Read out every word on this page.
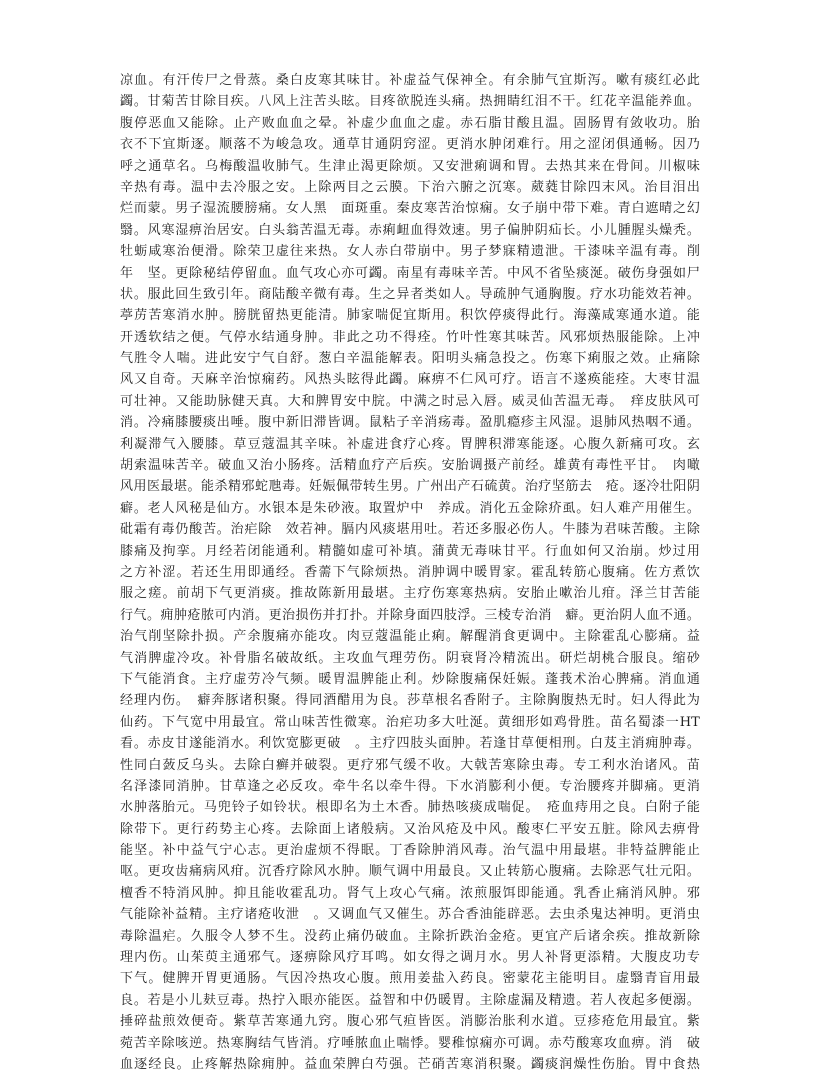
凉血。有汗传尸之骨蒸。桑白皮寒其味甘。补虚益气保神全。有余肺气宜斯泻。嗽有痰红必此
蠲。甘菊苦甘除目疾。八风上注苦头眩。目疼欲脱连头痛。热拥睛红泪不干。红花辛温能养血。
腹停恶血又能除。止产败血血之晕。补虚少血血之虚。赤石脂甘酸且温。固肠胃有敛收功。胎
衣不下宜斯逐。顺落不为峻急攻。通草甘通阴窍涩。更消水肿闭难行。用之涩闭俱通畅。因乃
呼之通草名。乌梅酸温收肺气。生津止渴更除烦。又安泄痢调和胃。去热其来在骨间。川椒味
辛热有毒。温中去冷服之安。上除两目之云膜。下治六腑之沉寒。葳蕤甘除四末风。治目泪出
烂而蒙。男子湿流腰膀痛。女人黑　面斑重。秦皮寒苦治惊痫。女子崩中带下难。青白遮晴之幻
翳。风寒湿痹治居安。白头翁苦温无毒。赤痢衄血得效速。男子偏肿阴疝长。小儿腫腥头燥秃。
牡蛎咸寒治便滑。除荣卫虚往来热。女人赤白带崩中。男子梦寐精遗泄。干漆味辛温有毒。削
年　坚。更除秘结停留血。血气攻心亦可蠲。南星有毒味辛苦。中风不省坠痰涎。破伤身强如尸
状。服此回生致引年。商陆酸辛微有毒。生之异者类如人。导疏肿气通胸腹。疗水功能效若神。
葶苈苦寒消水肿。膀胱留热更能清。肺家喘促宜斯用。积饮停痰得此行。海藻咸寒通水道。能
开透软结之便。气停水结通身肿。非此之功不得痊。竹叶性寒其味苦。风邪烦热服能除。上冲
气胜令人喘。进此安宁气自舒。葱白辛温能解表。阳明头痛急投之。伤寒下痢服之效。止痛除
风又自奇。天麻辛治惊痫药。风热头眩得此蠲。麻痹不仁风可疗。语言不遂痪能痊。大枣甘温
可壮神。又能助脉健天真。大和脾胃安中脘。中满之时忌入唇。威灵仙苦温无毒。　痒皮肤风可
消。冷痛膝腰痰出唾。腹中新旧滞皆调。鼠粘子辛消疡毒。盈肌瘾疹主风湿。退肺风热咽不通。
利凝滞气入腰膝。草豆蔻温其辛味。补虚进食疗心疼。胃脾积滞寒能逐。心腹久新痛可攻。玄
胡索温味苦辛。破血又治小肠疼。活精血疗产后疾。安胎调摄产前经。雄黄有毒性平甘。　肉噉
风用医最堪。能杀精邪蛇虺毒。妊娠佩带转生男。广州出产石硫黄。治疗坚筋去　疮。逐冷壮阳阴
癖。老人风秘是仙方。水银本是朱砂液。取置炉中　养成。消化五金除疥虱。妇人难产用催生。
砒霜有毒仍酸苦。治疟除　效若神。膈内风痰堪用吐。若还多服必伤人。牛膝为君味苦酸。主除
膝痛及拘挛。月经若闭能通利。精髓如虚可补填。蒲黄无毒味甘平。行血如何又治崩。炒过用
之方补涩。若还生用即通经。香薷下气除烦热。消肿调中暖胃家。霍乱转筋心腹痛。佐方煮饮
服之瘥。前胡下气更消痰。推故陈新用最堪。主疗伤寒寒热病。安胎止嗽治儿疳。泽兰甘苦能
行气。痈肿疮脓可内消。更治损伤并打扑。并除身面四肢浮。三棱专治消　癖。更治阴人血不通。
治气削坚除扑损。产余腹痛亦能攻。肉豆蔻温能止痢。解醒消食更调中。主除霍乱心膨痛。益
气消脾虚冷攻。补骨脂名破故纸。主攻血气理劳伤。阴衰肾冷精流出。研烂胡桃合服良。缩砂
下气能消食。主疗虚劳冷气频。暖胃温脾能止利。炒除腹痛保妊娠。蓬莪术治心脾痛。消血通
经理内伤。　癖奔豚诸积聚。得同酒醋用为良。莎草根名香附子。主除胸腹热无时。妇人得此为
仙药。下气宽中用最宜。常山味苦性微寒。治疟功多大吐涎。黄细形如鸡骨胜。苗名蜀漆一HT
看。赤皮甘遂能消水。利饮宽膨更破　。主疗四肢头面肿。若逢甘草便相刑。白芨主消痈肿毒。
性同白蔹反乌头。去除白癣并破裂。更疗邪气缓不收。大戟苦寒除虫毒。专工利水治诸风。苗
名泽漆同消肿。甘草逢之必反攻。牵牛名以牵牛得。下水消膨利小便。专治腰疼并脚痛。更消
水肿落胎元。马兜铃子如铃状。根即名为土木香。肺热咳痰成喘促。　疮血痔用之良。白附子能
除带下。更行药势主心疼。去除面上诸般病。又治风疮及中风。酸枣仁平安五脏。除风去痹骨
能坚。补中益气宁心志。更治虚烦不得眠。丁香除肿消风毒。治气温中用最堪。非特益脾能止
呕。更攻齿痛病风疳。沉香疗除风水肿。顺气调中用最良。又止转筋心腹痛。去除恶气壮元阳。
檀香不特消风肿。抑且能收霍乱功。肾气上攻心气痛。浓煎服饵即能通。乳香止痛消风肿。邪
气能除补益精。主疗诸疮收泄　。又调血气又催生。苏合香油能辟恶。去虫杀鬼达神明。更消虫
毒除温疟。久服令人梦不生。没药止痛仍破血。主除折跌治金疮。更宜产后诸余疾。推故新除
理内伤。山茱萸主通邪气。逐痹除风疗耳鸣。如女得之调月水。男人补肾更添精。大腹皮功专
下气。健脾开胃更通肠。气因冷热攻心腹。煎用姜盐入药良。密蒙花主能明目。虚翳青盲用最
良。若是小儿麸豆毒。热拧入眼亦能医。益智和中仍暖胃。主除虚漏及精遗。若人夜起多便溺。
捶碎盐煎效便奇。紫草苦寒通九窍。腹心邪气疸皆医。消膨治胀利水道。豆疹疮危用最宜。紫
菀苦辛除咳逆。热寒胸结气皆消。疗唾脓血止喘悸。婴稚惊痫亦可调。赤芍酸寒攻血痹。消　破
血逐经良。止疼解热除痈肿。益血荣脾白芍强。芒硝苦寒消积聚。蠲痰润燥性伤胎。胃中食热
